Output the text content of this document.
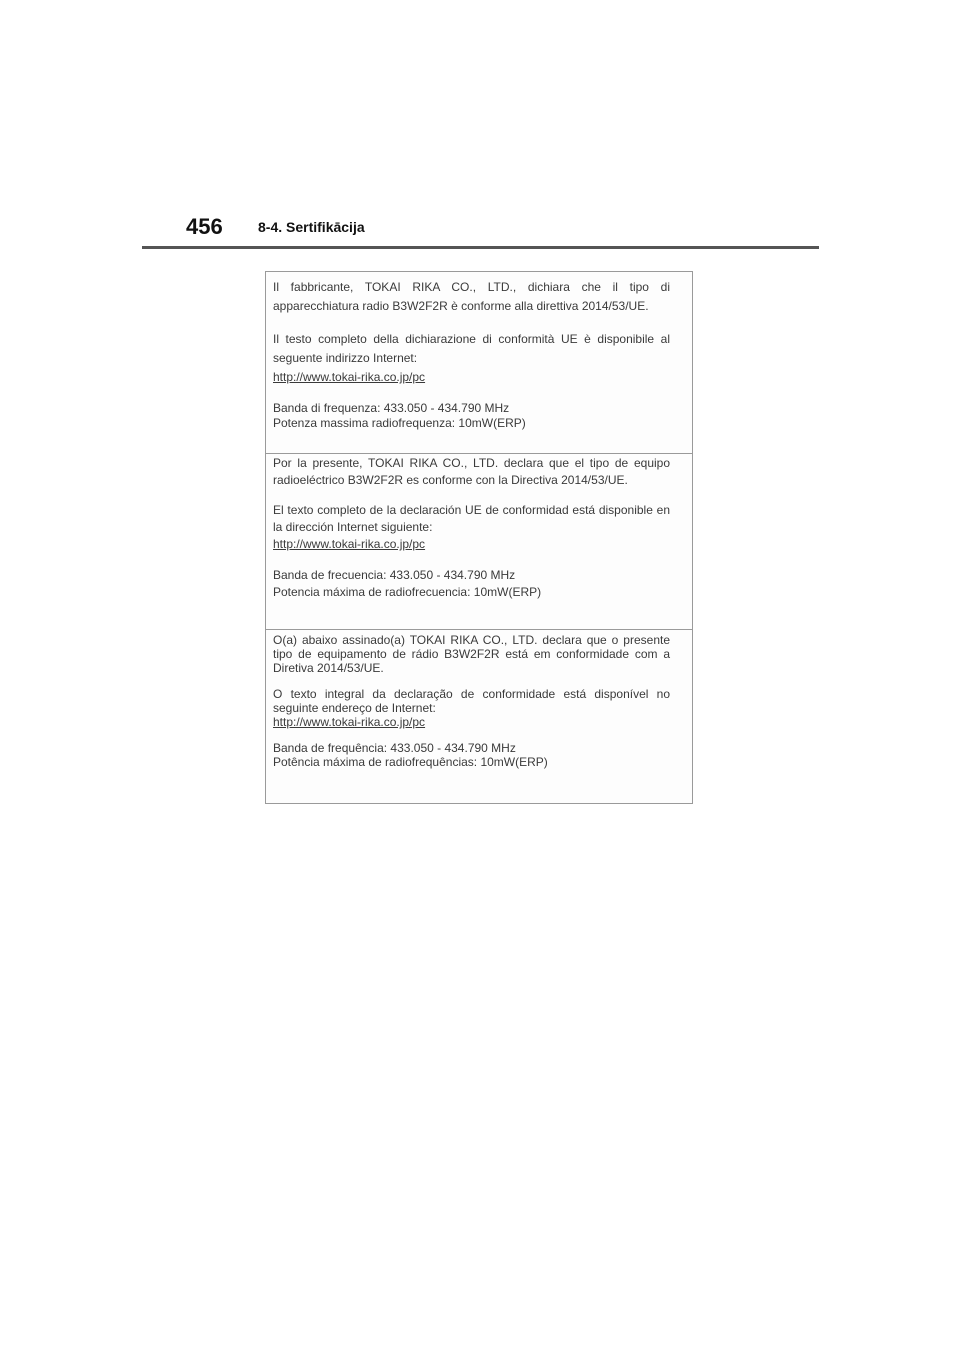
456	8-4. Sertifikācija

Il fabbricante, TOKAI RIKA CO., LTD., dichiara che il tipo di apparecchiatura radio B3W2F2R è conforme alla direttiva 2014/53/UE.

Il testo completo della dichiarazione di conformità UE è disponibile al seguente indirizzo Internet:
http://www.tokai-rika.co.jp/pc

Banda di frequenza: 433.050 - 434.790 MHz
Potenza massima radiofrequenza: 10mW(ERP)

Por la presente, TOKAI RIKA CO., LTD. declara que el tipo de equipo radioeléctrico B3W2F2R es conforme con la Directiva 2014/53/UE.

El texto completo de la declaración UE de conformidad está disponible en la dirección Internet siguiente:
http://www.tokai-rika.co.jp/pc

Banda de frecuencia: 433.050 - 434.790 MHz
Potencia máxima de radiofrecuencia: 10mW(ERP)

O(a) abaixo assinado(a) TOKAI RIKA CO., LTD. declara que o presente tipo de equipamento de rádio B3W2F2R está em conformidade com a Diretiva 2014/53/UE.

O texto integral da declaração de conformidade está disponível no seguinte endereço de Internet:
http://www.tokai-rika.co.jp/pc

Banda de frequência: 433.050 - 434.790 MHz
Potência máxima de radiofrequências: 10mW(ERP)
